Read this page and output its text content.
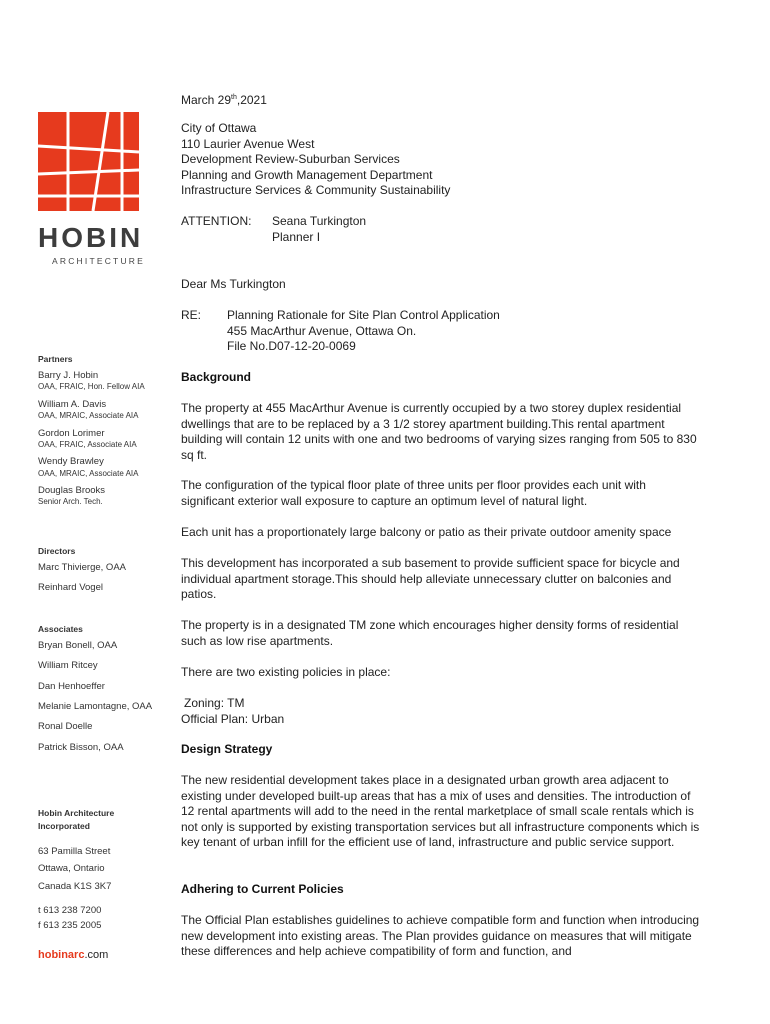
HOBIN
ARCHITECTURE
Partners
Barry J. Hobin
OAA, FRAIC, Hon. Fellow AIA
William A. Davis
OAA, MRAIC, Associate AIA
Gordon Lorimer
OAA, FRAIC, Associate AIA
Wendy Brawley
OAA, MRAIC, Associate AIA
Douglas Brooks
Senior Arch. Tech.
Directors
Marc Thivierge, OAA
Reinhard Vogel
Associates
Bryan Bonell, OAA
William Ritcey
Dan Henhoeffer
Melanie Lamontagne, OAA
Ronal Doelle
Patrick Bisson, OAA
Hobin Architecture
Incorporated
63 Pamilla Street
Ottawa, Ontario
Canada K1S 3K7
t 613 238 7200
f 613 235 2005
hobinarc.com
March 29th,2021

City of Ottawa

110 Laurier Avenue West

Development Review-Suburban Services

Planning and Growth Management Department

Infrastructure Services & Community Sustainability

ATTENTION: Seana Turkington

Planner I

Dear Ms Turkington

RE: Planning Rationale for Site Plan Control Application

455 MacArthur Avenue, Ottawa On.

File No.D07-12-20-0069

Background
The property at 455 MacArthur Avenue is currently occupied by a two storey duplex residential dwellings that are to be replaced by a 3 1/2 storey apartment building.This rental apartment building will contain 12 units with one and two bedrooms of varying sizes ranging from 505 to 830 sq ft.
The configuration of the typical floor plate of three units per floor provides each unit with significant exterior wall exposure to capture an optimum level of natural light.
Each unit has a proportionately large balcony or patio as their private outdoor amenity space
This development has incorporated a sub basement to provide sufficient space for bicycle and individual apartment storage.This should help alleviate unnecessary clutter on balconies and patios.
The property is in a designated TM zone which encourages higher density forms of residential such as low rise apartments.
There are two existing policies in place:

Zoning: TM

Official Plan: Urban

Design Strategy
The new residential development takes place in a designated urban growth area adjacent to existing under developed built-up areas that has a mix of uses and densities. The introduction of 12 rental apartments will add to the need in the rental marketplace of small scale rentals which is not only is supported by existing transportation services but all infrastructure components which is key tenant of urban infill for the efficient use of land, infrastructure and public service support.
Adhering to Current Policies
The Official Plan establishes guidelines to achieve compatible form and function when introducing new development into existing areas. The Plan provides guidance on measures that will mitigate these differences and help achieve compatibility of form and function, and
